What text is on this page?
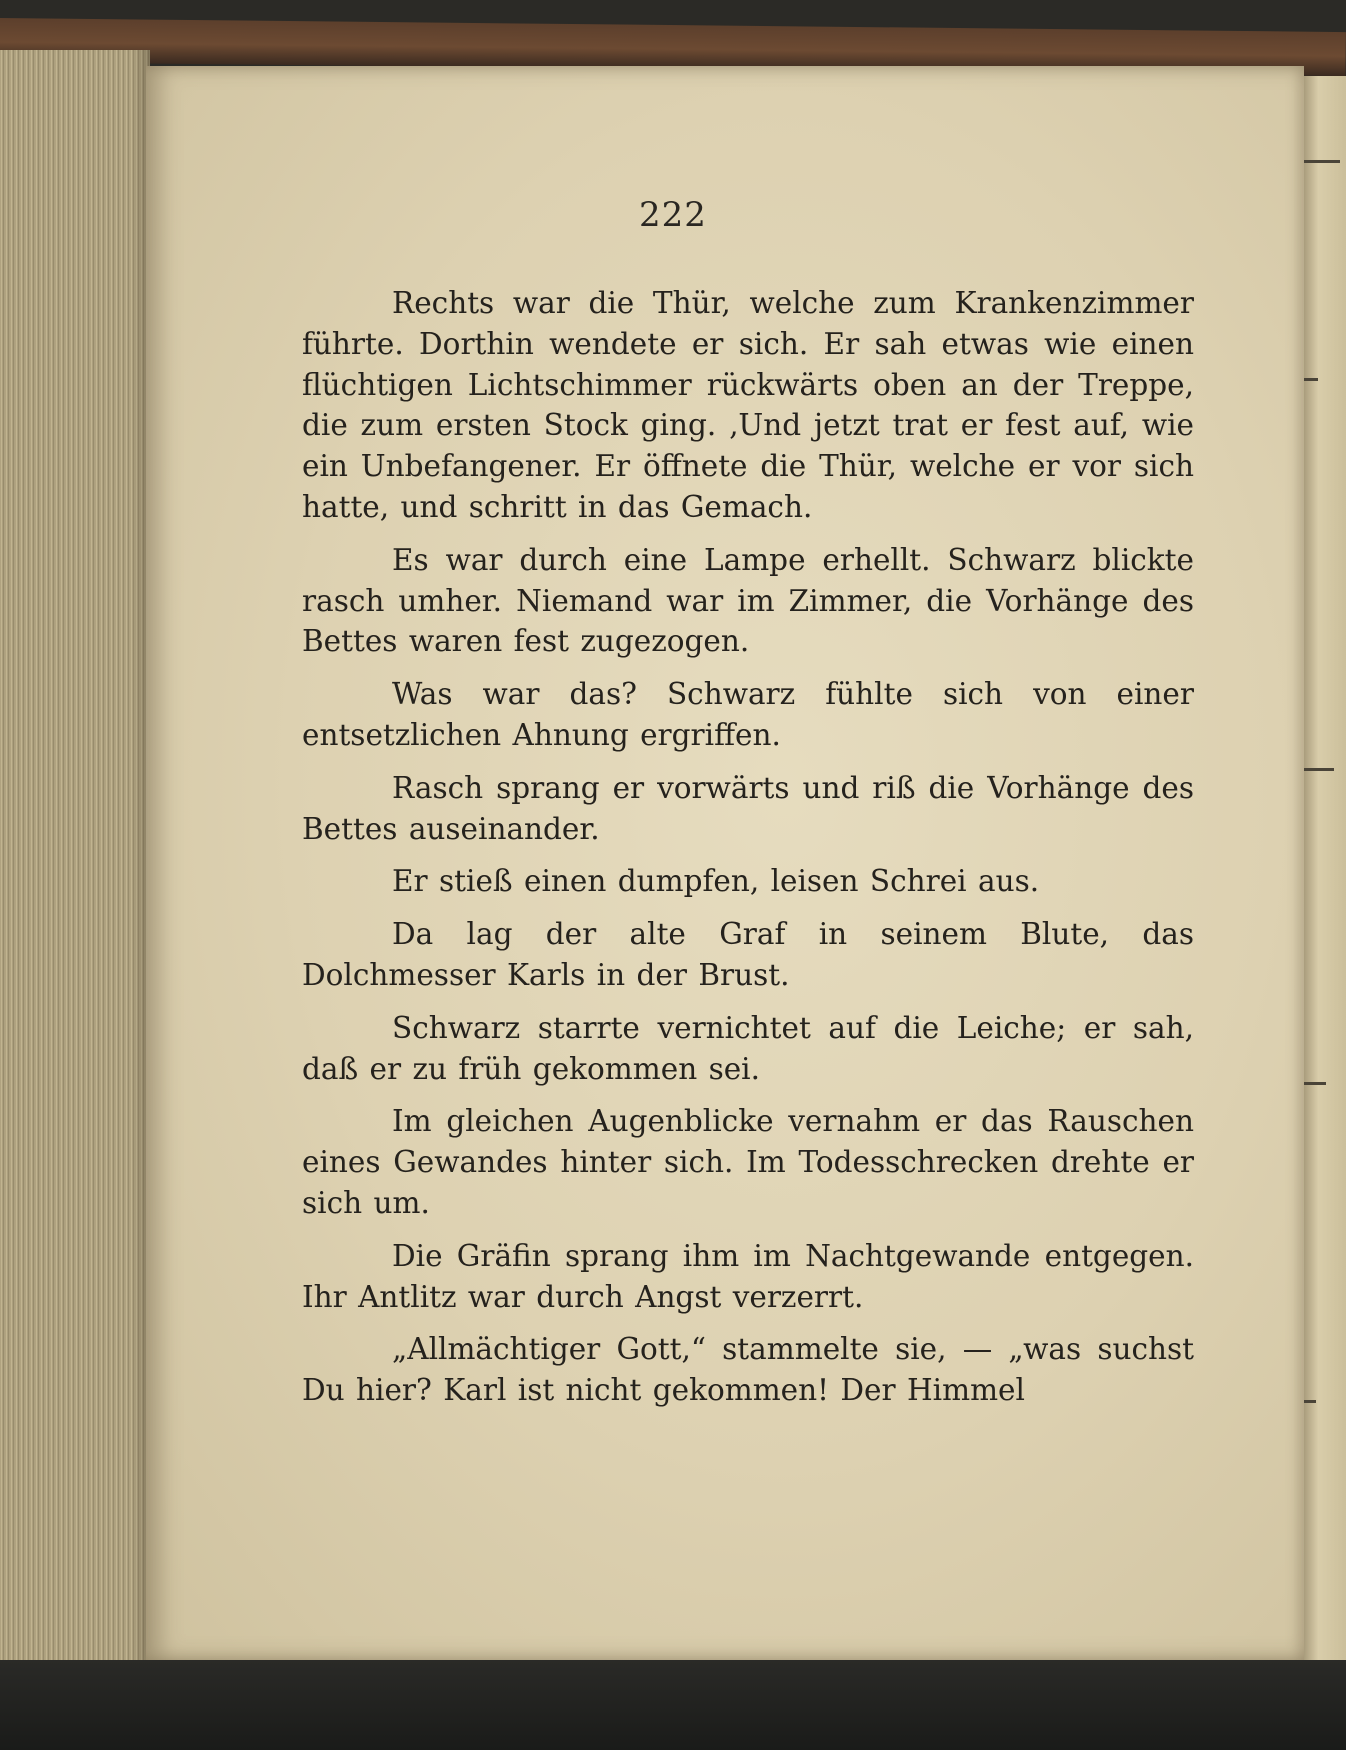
222

Rechts war die Thür, welche zum Krankenzimmer führte. Dorthin wendete er sich. Er sah etwas wie einen flüchtigen Lichtschimmer rückwärts oben an der Treppe, die zum ersten Stock ging. ‚Und jetzt trat er fest auf, wie ein Unbefangener. Er öffnete die Thür, welche er vor sich hatte, und schritt in das Gemach.

Es war durch eine Lampe erhellt. Schwarz blickte rasch umher. Niemand war im Zimmer, die Vorhänge des Bettes waren fest zugezogen.

Was war das? Schwarz fühlte sich von einer entsetzlichen Ahnung ergriffen.

Rasch sprang er vorwärts und riß die Vorhänge des Bettes auseinander.

Er stieß einen dumpfen, leisen Schrei aus.

Da lag der alte Graf in seinem Blute, das Dolchmesser Karls in der Brust.

Schwarz starrte vernichtet auf die Leiche; er sah, daß er zu früh gekommen sei.

Im gleichen Augenblicke vernahm er das Rauschen eines Gewandes hinter sich. Im Todesschrecken drehte er sich um.

Die Gräfin sprang ihm im Nachtgewande entgegen. Ihr Antlitz war durch Angst verzerrt.

„Allmächtiger Gott,“ stammelte sie, — „was suchst Du hier? Karl ist nicht gekommen! Der Himmel
